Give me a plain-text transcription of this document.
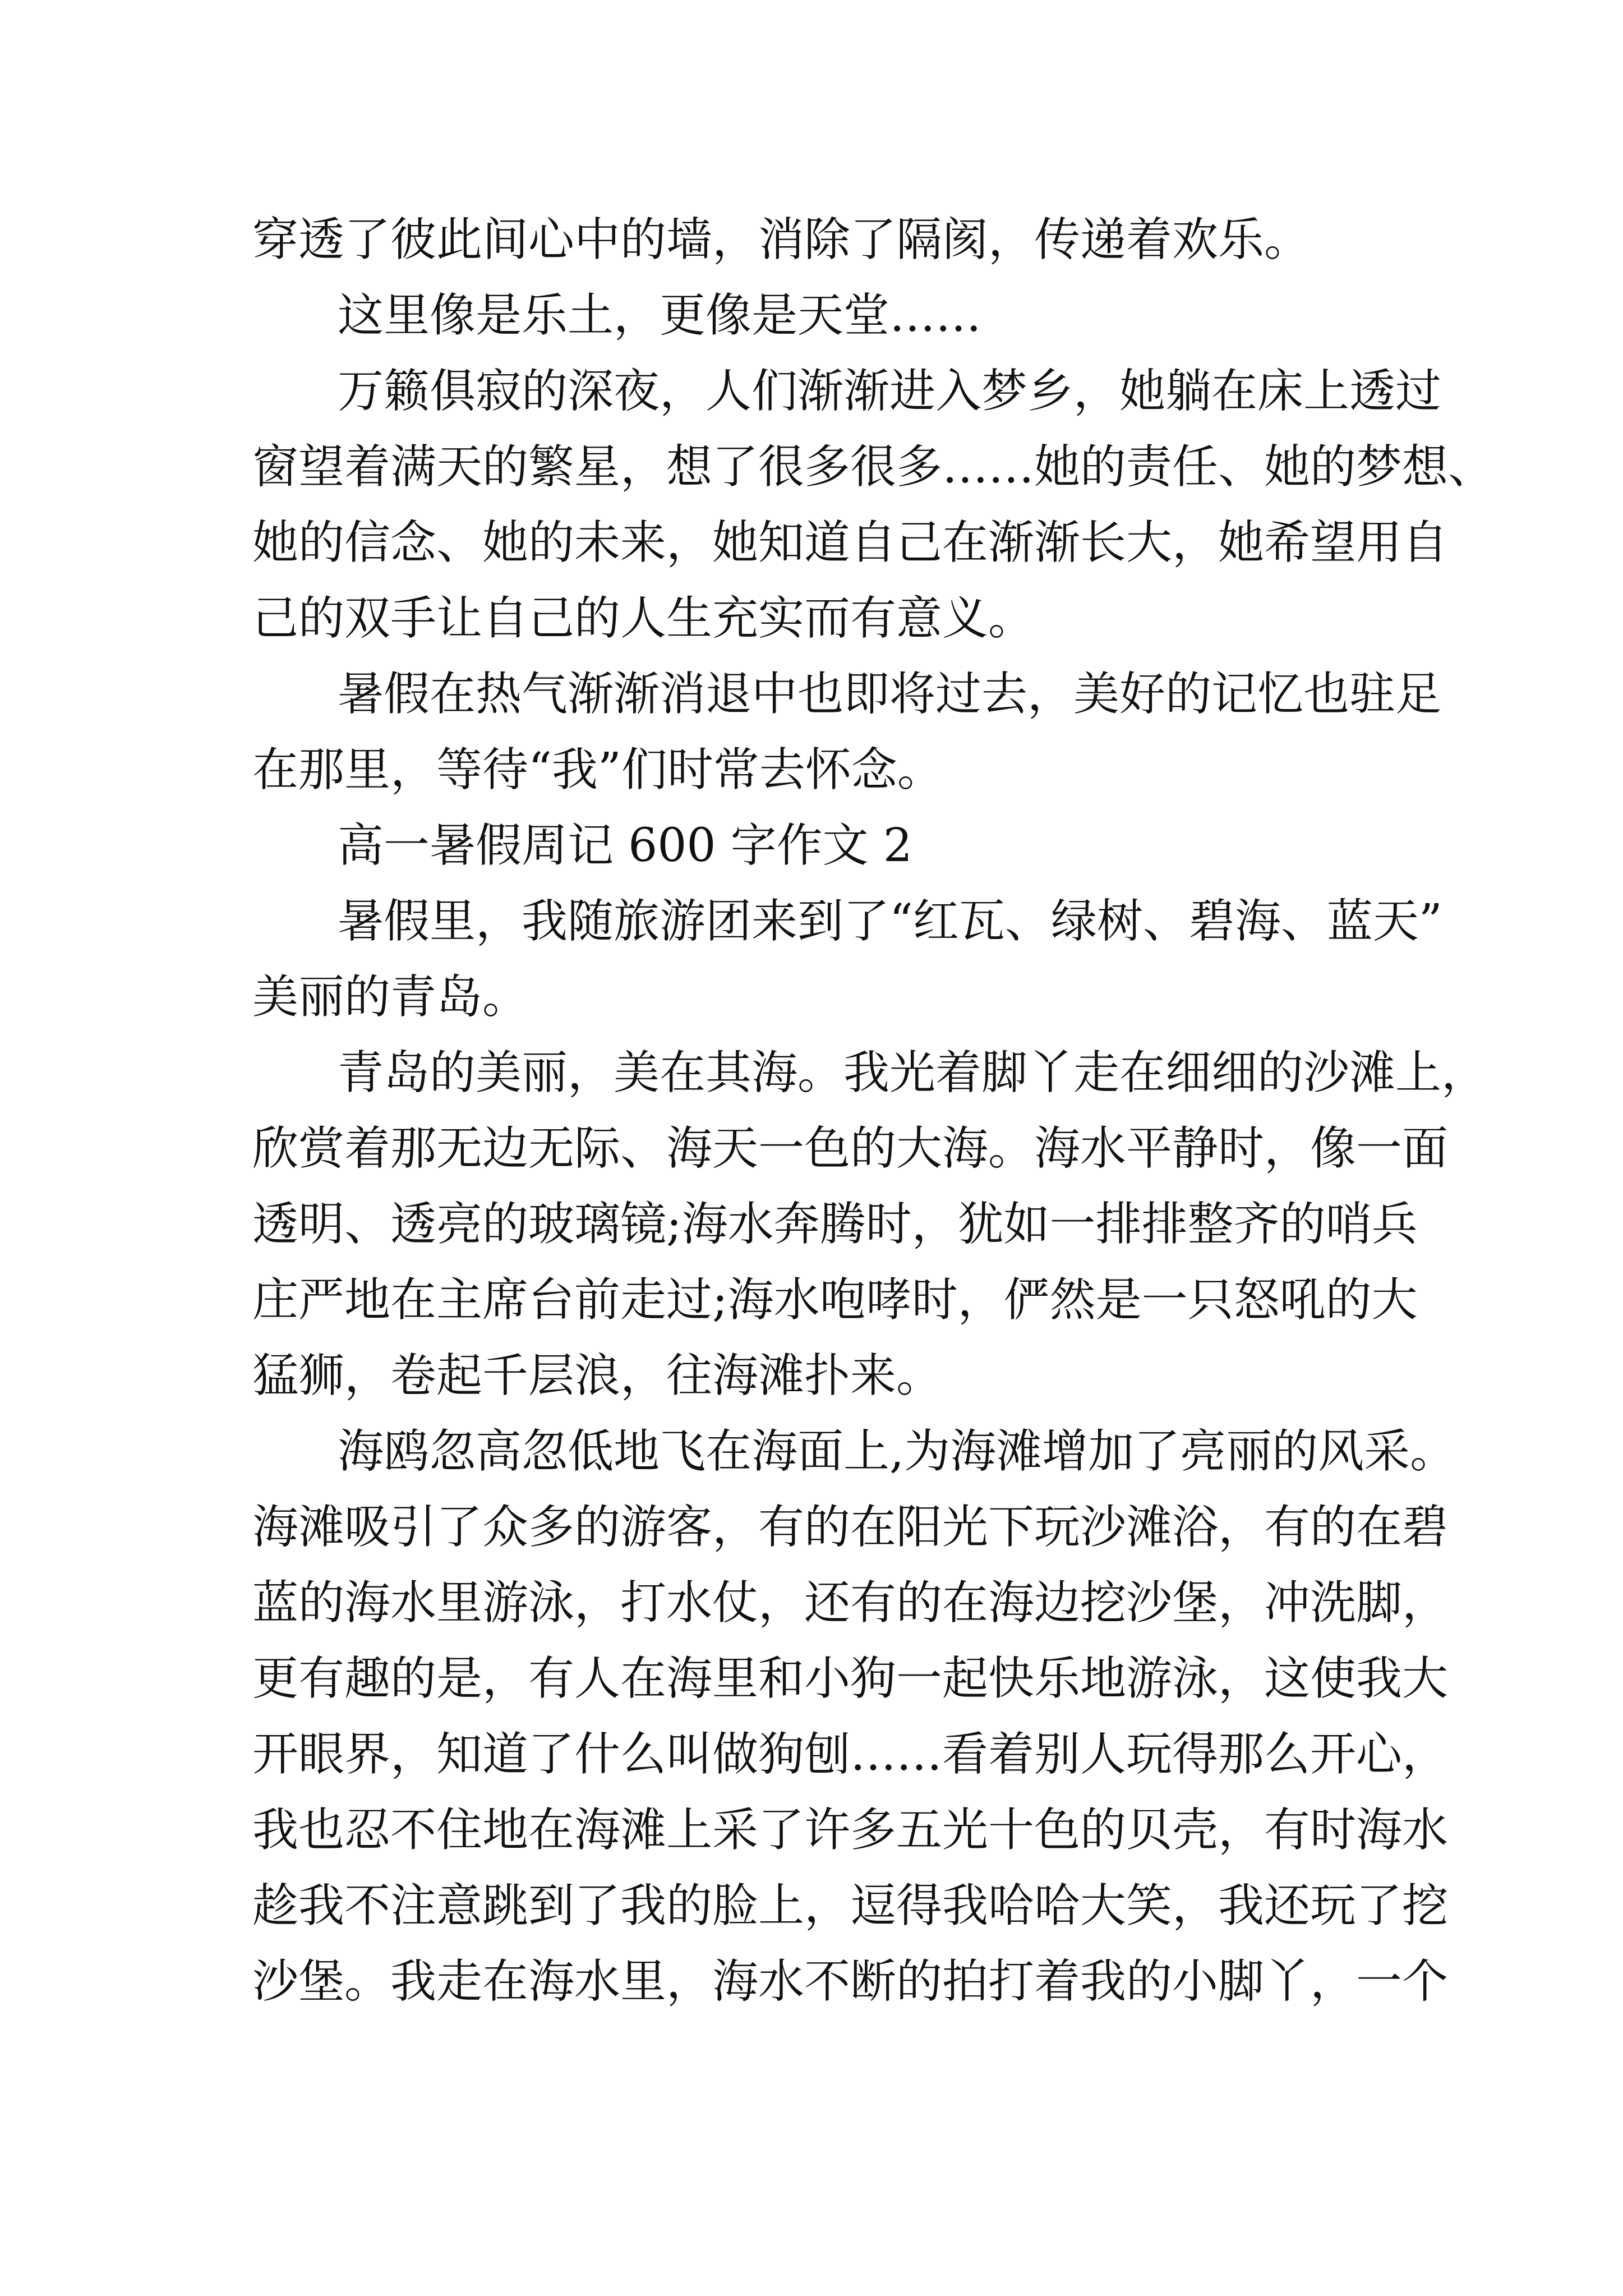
穿透了彼此间心中的墙，消除了隔阂，传递着欢乐。
这里像是乐土，更像是天堂……
万籁俱寂的深夜，人们渐渐进入梦乡，她躺在床上透过
窗望着满天的繁星，想了很多很多……她的责任、她的梦想、
她的信念、她的未来，她知道自己在渐渐长大，她希望用自
己的双手让自己的人生充实而有意义。
暑假在热气渐渐消退中也即将过去，美好的记忆也驻足
在那里，等待“我”们时常去怀念。
高一暑假周记 600 字作文 2
暑假里，我随旅游团来到了“红瓦、绿树、碧海、蓝天”
美丽的青岛。
青岛的美丽，美在其海。我光着脚丫走在细细的沙滩上，
欣赏着那无边无际、海天一色的大海。海水平静时，像一面
透明、透亮的玻璃镜;海水奔腾时，犹如一排排整齐的哨兵
庄严地在主席台前走过;海水咆哮时，俨然是一只怒吼的大
猛狮，卷起千层浪，往海滩扑来。
海鸥忽高忽低地飞在海面上,为海滩增加了亮丽的风采。
海滩吸引了众多的游客，有的在阳光下玩沙滩浴，有的在碧
蓝的海水里游泳，打水仗，还有的在海边挖沙堡，冲洗脚，
更有趣的是，有人在海里和小狗一起快乐地游泳，这使我大
开眼界，知道了什么叫做狗刨……看着别人玩得那么开心，
我也忍不住地在海滩上采了许多五光十色的贝壳，有时海水
趁我不注意跳到了我的脸上，逗得我哈哈大笑，我还玩了挖
沙堡。我走在海水里，海水不断的拍打着我的小脚丫，一个
